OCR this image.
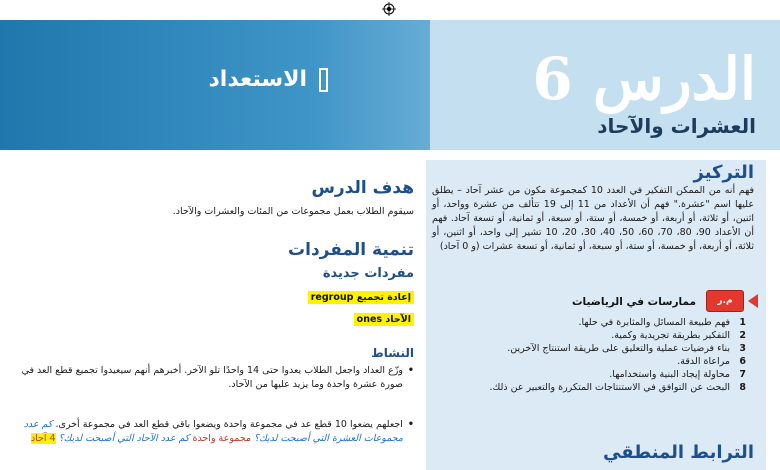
الدرس 6
العشرات والآحاد
الاستعداد
التركيز
فهم أنه من الممكن التفكير في العدد 10 كمجموعة مكون من عشر آحاد – يطلق عليها اسم "عشرة." فهم أن الأعداد من 11 إلى 19 تتألف من عشرة وواحد، أو اثنين، أو ثلاثة، أو أربعة، أو خمسة، أو ستة، أو سبعة، أو ثمانية، أو تسعة آحاد. فهم أن الأعداد 90، 80، 70، 60، 50، 40، 30، 20، 10 تشير إلى واحد، أو اثنين، أو ثلاثة، أو أربعة، أو خمسة، أو ستة، أو سبعة، أو ثمانية، أو تسعة عشرات (و 0 آحاد)
م.ر
ممارسات في الرياضيات
1
فهم طبيعة المسائل والمثابرة في حلها.
2
التفكير بطريقة تجريدية وكمية.
3
بناء فرضيات عملية والتعليق على طريقة استنتاج الآخرين.
6
مراعاة الدقة.
7
محاولة إيجاد البنية واستخدامها.
8
البحث عن التوافق في الاستنتاجات المتكررة والتعبير عن ذلك.
الترابط المنطقي
هدف الدرس
سيقوم الطلاب بعمل مجموعات من المئات والعشرات والآحاد.
تنمية المفردات
مفردات جديدة
إعادة تجميع regroup
الآحاد ones
النشاط
•
وزّع العداد واجعل الطلاب يعدوا حتى 14 واحدًا تلو الآخر. أخبرهم أنهم سيعيدوا تجميع قطع العد في صورة عشرة واحدة وما يزيد عليها من الآحاد.
•
اجعلهم يضعوا 10 قطع عد في مجموعة واحدة ويضعوا باقي قطع العد في مجموعة أخرى. كم عدد مجموعات العشرة التي أصبحت لديك؟ مجموعة واحدة كم عدد الآحاد التي أصبحت لديك؟ 4 آحاد
